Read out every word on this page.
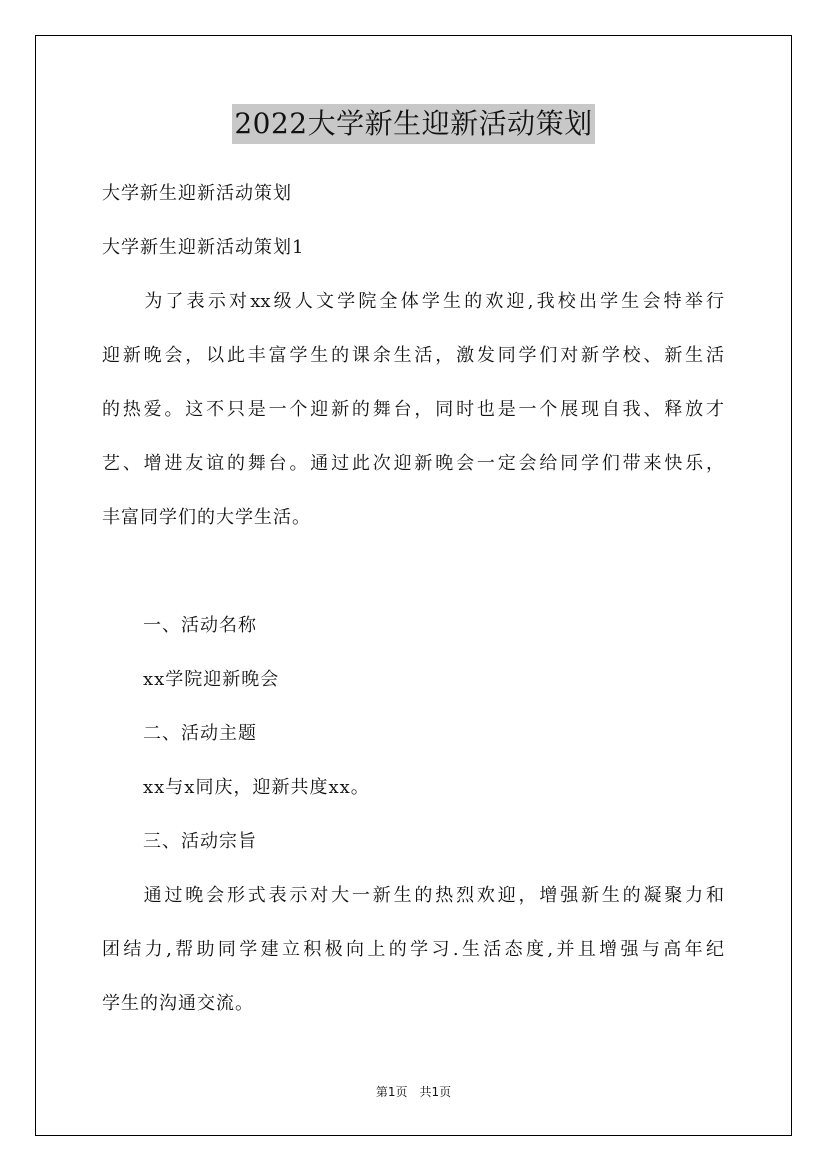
2022大学新生迎新活动策划
大学新生迎新活动策划
大学新生迎新活动策划1
　　为了表示对xx级人文学院全体学生的欢迎,我校出学生会特举行
迎新晚会，以此丰富学生的课余生活，激发同学们对新学校、新生活
的热爱。这不只是一个迎新的舞台，同时也是一个展现自我、释放才
艺、增进友谊的舞台。通过此次迎新晚会一定会给同学们带来快乐，
丰富同学们的大学生活。
一、活动名称
xx学院迎新晚会
二、活动主题
xx与x同庆，迎新共度xx。
三、活动宗旨
　　通过晚会形式表示对大一新生的热烈欢迎，增强新生的凝聚力和
团结力,帮助同学建立积极向上的学习.生活态度,并且增强与高年纪
学生的沟通交流。
第1页　共1页
